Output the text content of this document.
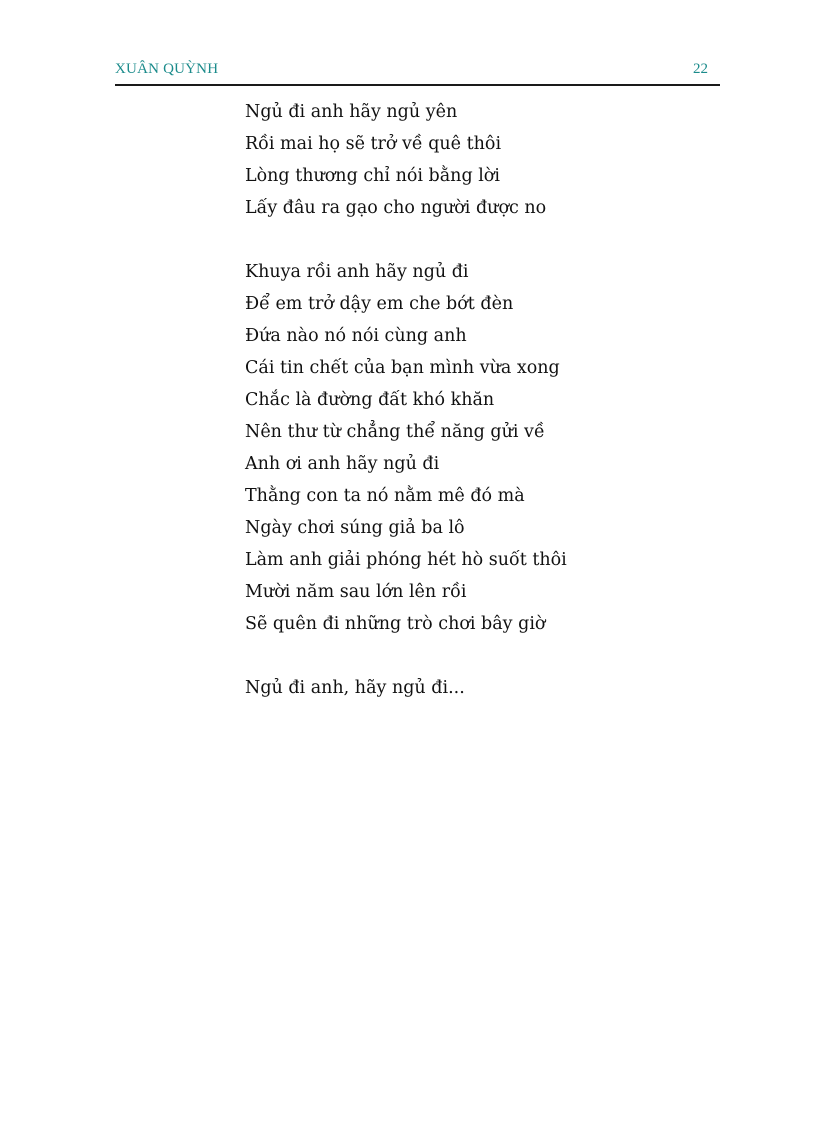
XUÂN QUỲNH	22
Ngủ đi anh hãy ngủ yên
Rồi mai họ sẽ trở về quê thôi
Lòng thương chỉ nói bằng lời
Lấy đâu ra gạo cho người được no
Khuya rồi anh hãy ngủ đi
Để em trở dậy em che bớt đèn
Đứa nào nó nói cùng anh
Cái tin chết của bạn mình vừa xong
Chắc là đường đất khó khăn
Nên thư từ chẳng thể năng gửi về
Anh ơi anh hãy ngủ đi
Thằng con ta nó nằm mê đó mà
Ngày chơi súng giả ba lô
Làm anh giải phóng hét hò suốt thôi
Mười năm sau lớn lên rồi
Sẽ quên đi những trò chơi bây giờ
Ngủ đi anh, hãy ngủ đi...
